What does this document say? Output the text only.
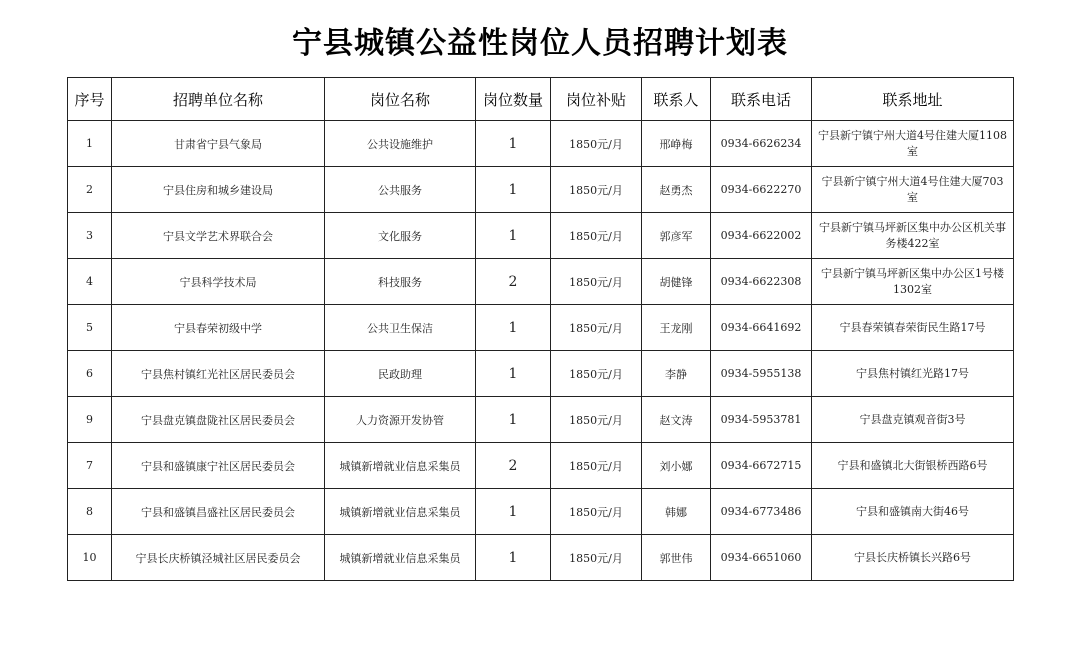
宁县城镇公益性岗位人员招聘计划表
序号	招聘单位名称	岗位名称	岗位数量	岗位补贴	联系人	联系电话	联系地址
1	甘肃省宁县气象局	公共设施维护	1	1850元/月	邢峥梅	0934-6626234	宁县新宁镇宁州大道4号住建大厦1108室
2	宁县住房和城乡建设局	公共服务	1	1850元/月	赵勇杰	0934-6622270	宁县新宁镇宁州大道4号住建大厦703室
3	宁县文学艺术界联合会	文化服务	1	1850元/月	郭彦军	0934-6622002	宁县新宁镇马坪新区集中办公区机关事务楼422室
4	宁县科学技术局	科技服务	2	1850元/月	胡健锋	0934-6622308	宁县新宁镇马坪新区集中办公区1号楼1302室
5	宁县春荣初级中学	公共卫生保洁	1	1850元/月	王龙刚	0934-6641692	宁县春荣镇春荣街民生路17号
6	宁县焦村镇红光社区居民委员会	民政助理	1	1850元/月	李静	0934-5955138	宁县焦村镇红光路17号
9	宁县盘克镇盘陇社区居民委员会	人力资源开发协管	1	1850元/月	赵文涛	0934-5953781	宁县盘克镇观音街3号
7	宁县和盛镇康宁社区居民委员会	城镇新增就业信息采集员	2	1850元/月	刘小娜	0934-6672715	宁县和盛镇北大街银桥西路6号
8	宁县和盛镇昌盛社区居民委员会	城镇新增就业信息采集员	1	1850元/月	韩娜	0934-6773486	宁县和盛镇南大街46号
10	宁县长庆桥镇泾城社区居民委员会	城镇新增就业信息采集员	1	1850元/月	郭世伟	0934-6651060	宁县长庆桥镇长兴路6号
